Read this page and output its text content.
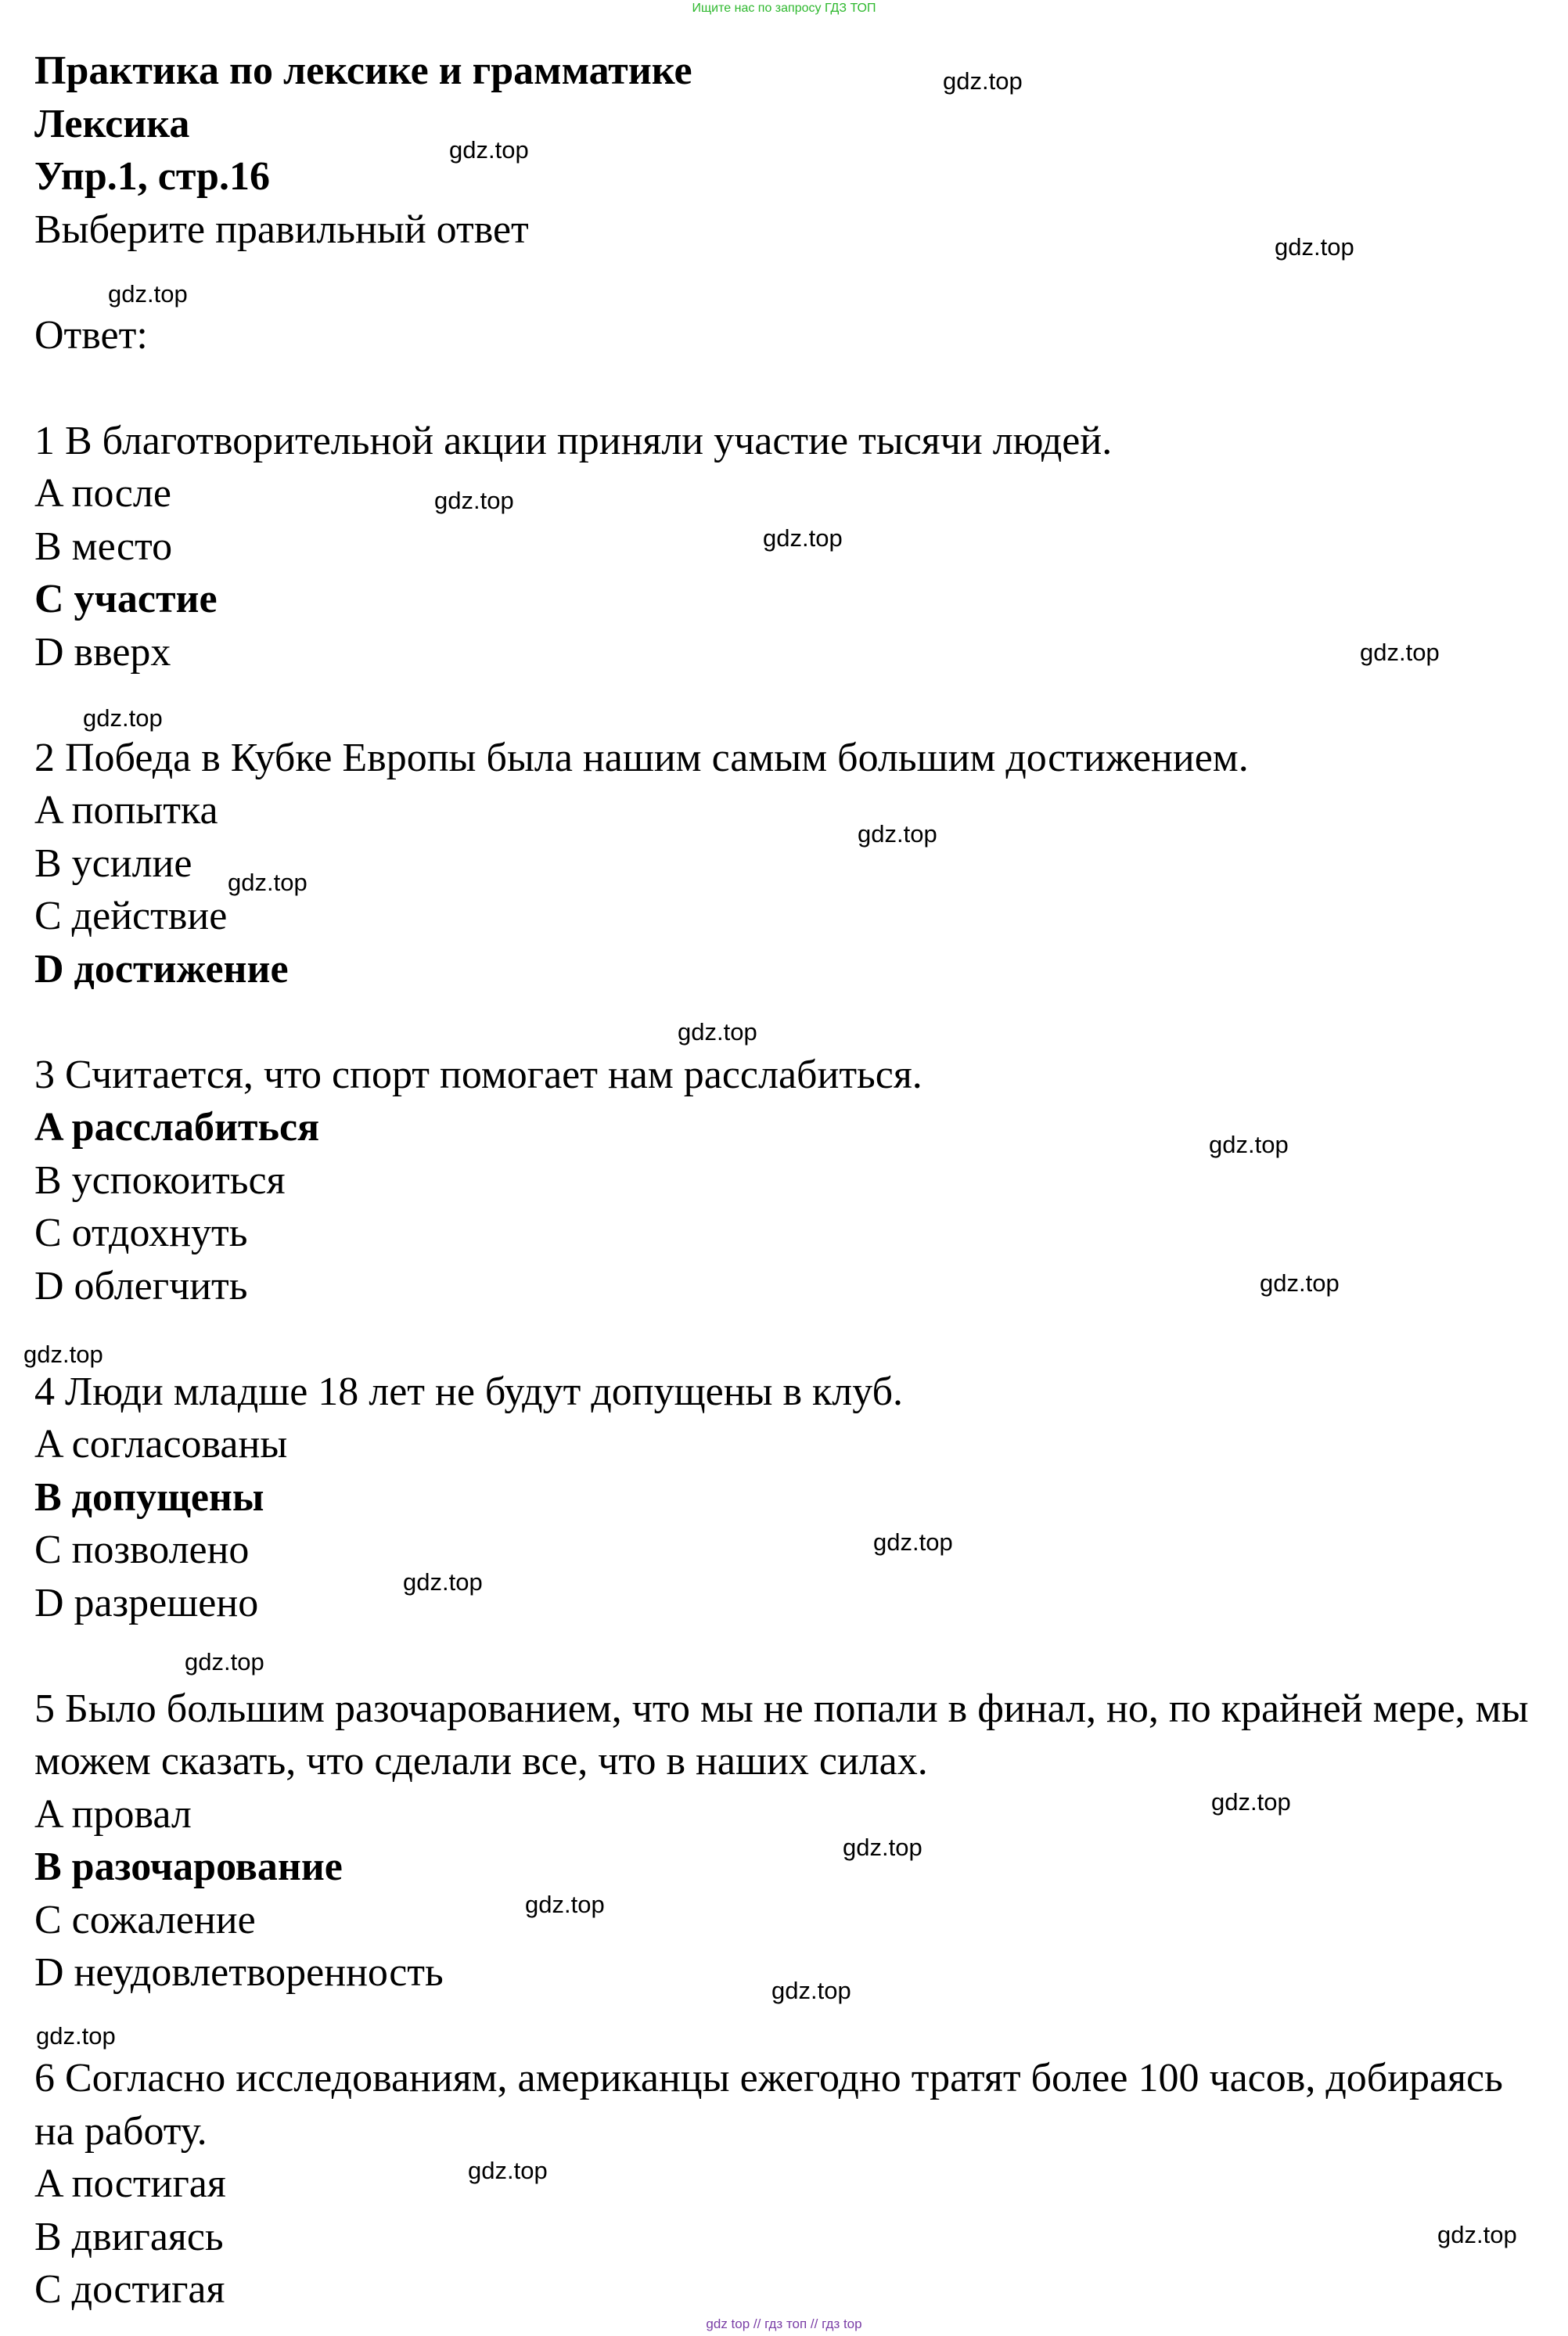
Ищите нас по запросу ГДЗ ТОП
Практика по лексике и грамматике
Лексика
Упр.1, стр.16
Выберите правильный ответ
Ответ:
1 В благотворительной акции приняли участие тысячи людей.
A после
B место
C участие
D вверх
2 Победа в Кубке Европы была нашим самым большим достижением.
A попытка
B усилие
C действие
D достижение
3 Считается, что спорт помогает нам расслабиться.
A расслабиться
B успокоиться
C отдохнуть
D облегчить
4 Люди младше 18 лет не будут допущены в клуб.
A согласованы
B допущены
C позволено
D разрешено
5 Было большим разочарованием, что мы не попали в финал, но, по крайней мере, мы можем сказать, что сделали все, что в наших силах.
A провал
B разочарование
C сожаление
D неудовлетворенность
6 Согласно исследованиям, американцы ежегодно тратят более 100 часов, добираясь на работу.
A постигая
B двигаясь
C достигая
gdz.top
gdz.top
gdz.top
gdz.top
gdz.top
gdz.top
gdz.top
gdz.top
gdz.top
gdz.top
gdz.top
gdz.top
gdz.top
gdz.top
gdz.top
gdz.top
gdz.top
gdz.top
gdz.top
gdz.top
gdz.top
gdz.top
gdz.top
gdz.top
gdz top // гдз топ // гдз top
